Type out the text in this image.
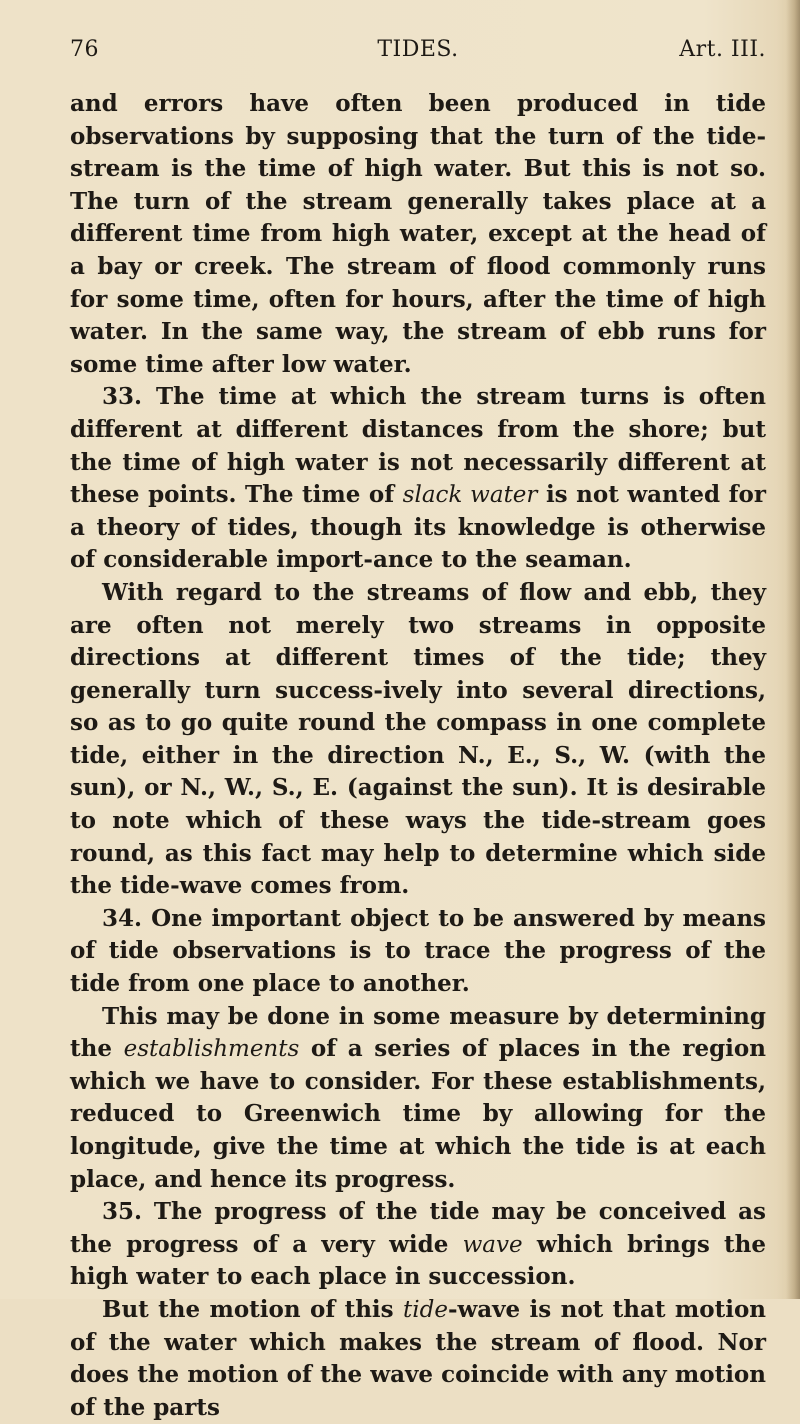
TIDES.
76	Art. III.

and errors have often been produced in tide observations by supposing that the turn of the tide-stream is the time of high water. But this is not so. The turn of the stream generally takes place at a different time from high water, except at the head of a bay or creek. The stream of flood commonly runs for some time, often for hours, after the time of high water. In the same way, the stream of ebb runs for some time after low water.

33. The time at which the stream turns is often different at different distances from the shore; but the time of high water is not necessarily different at these points. The time of slack water is not wanted for a theory of tides, though its knowledge is otherwise of considerable import-ance to the seaman.

With regard to the streams of flow and ebb, they are often not merely two streams in opposite directions at different times of the tide; they generally turn success-ively into several directions, so as to go quite round the compass in one complete tide, either in the direction N., E., S., W. (with the sun), or N., W., S., E. (against the sun). It is desirable to note which of these ways the tide-stream goes round, as this fact may help to determine which side the tide-wave comes from.

34. One important object to be answered by means of tide observations is to trace the progress of the tide from one place to another.

This may be done in some measure by determining the establishments of a series of places in the region which we have to consider. For these establishments, reduced to Greenwich time by allowing for the longitude, give the time at which the tide is at each place, and hence its progress.

35. The progress of the tide may be conceived as the progress of a very wide wave which brings the high water to each place in succession.

But the motion of this tide-wave is not that motion of the water which makes the stream of flood. Nor does the motion of the wave coincide with any motion of the parts
